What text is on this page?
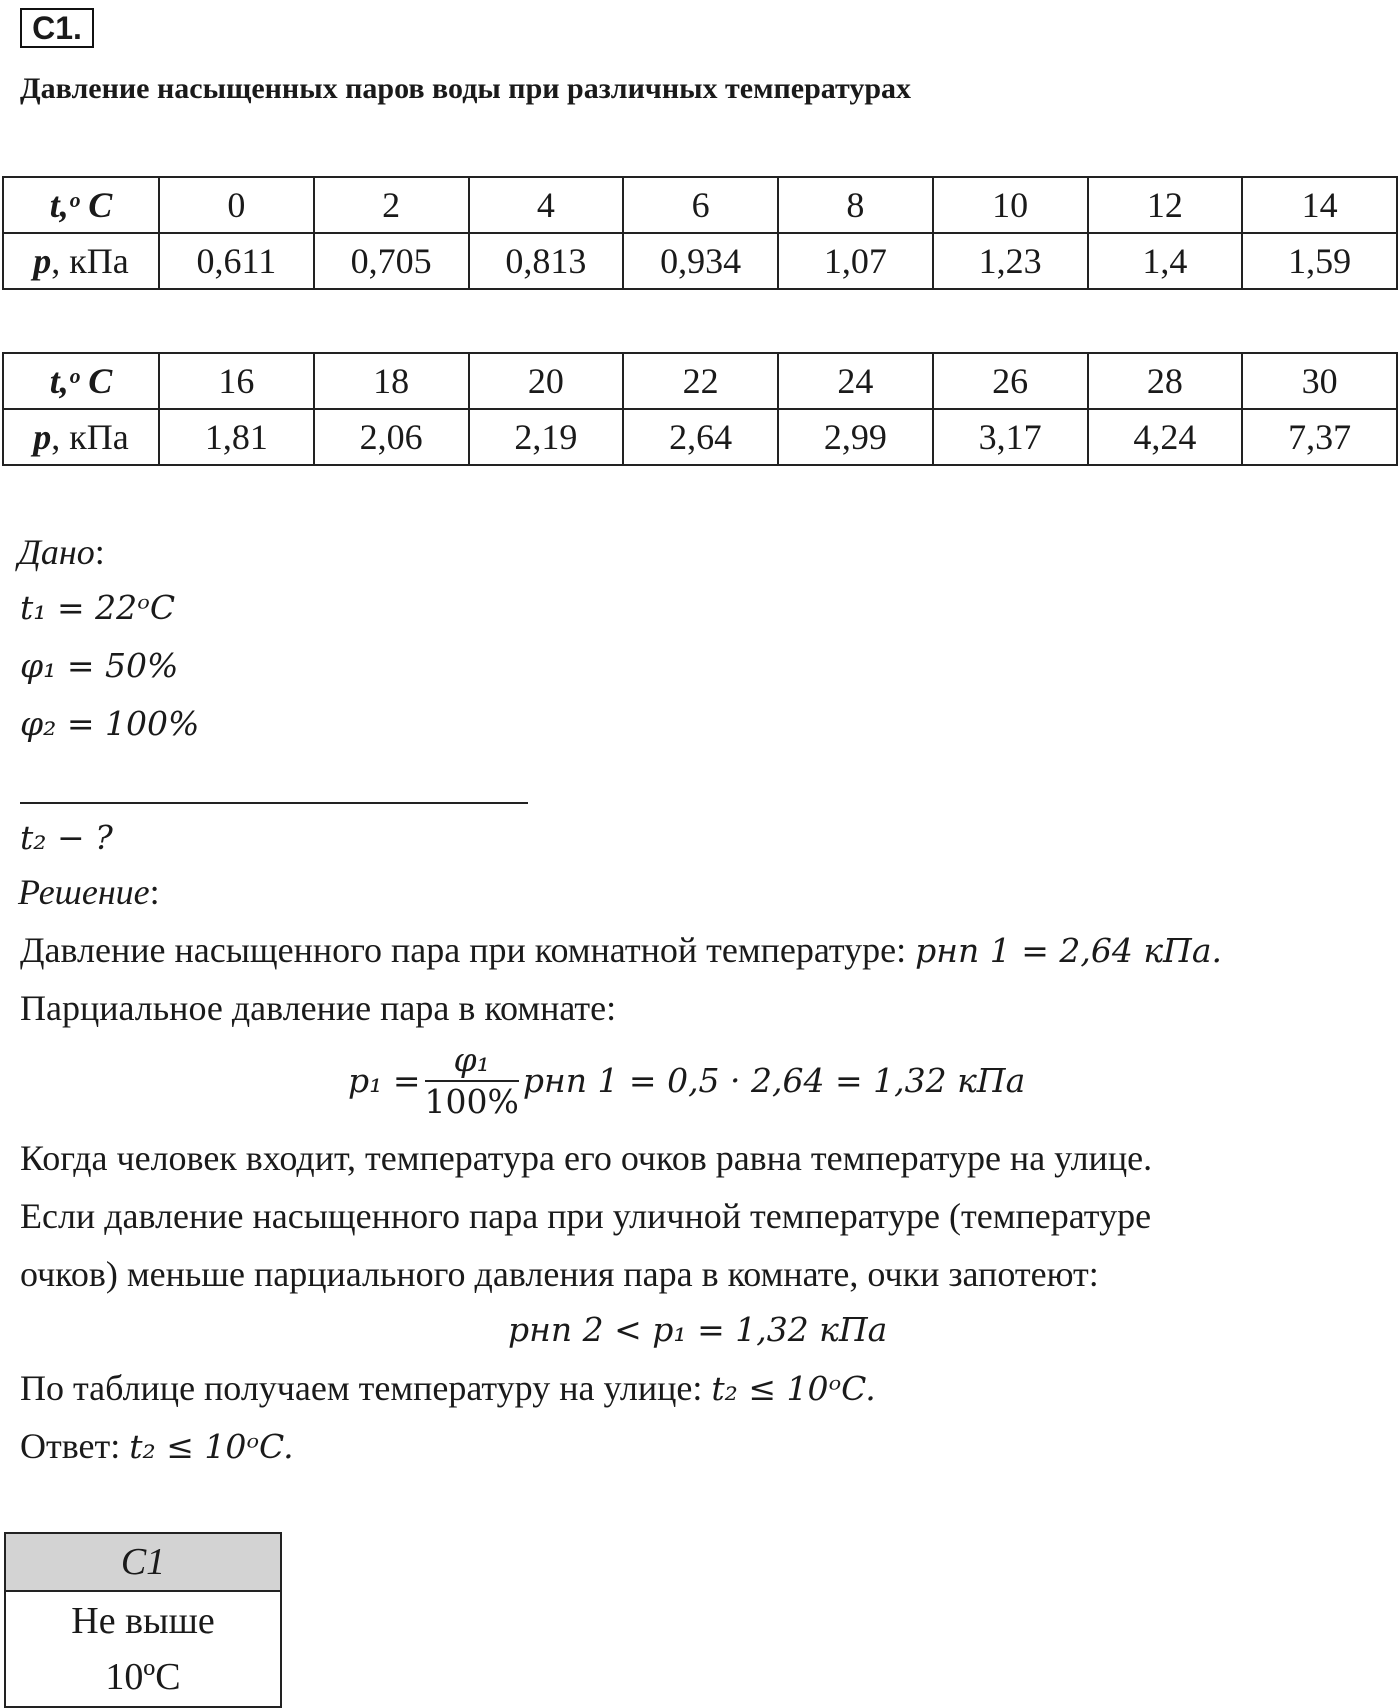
C1.
Давление насыщенных паров воды при различных температурах
t,ᵒ C	0	2	4	6	8	10	12	14
p, кПа	0,611	0,705	0,813	0,934	1,07	1,23	1,4	1,59
t,ᵒ C	16	18	20	22	24	26	28	30
p, кПа	1,81	2,06	2,19	2,64	2,99	3,17	4,24	7,37
Дано:
t₁ = 22ᵒC
φ₁ = 50%
φ₂ = 100%
t₂ − ?
Решение:
Давление насыщенного пара при комнатной температуре: pнп 1 = 2,64 кПа.
Парциальное давление пара в комнате:
$p_1 = \frac{\text{φ₁}}{100\%}$ pнп 1 = 0,5 · 2,64 = 1,32 кПа
Когда человек входит, температура его очков равна температуре на улице.
Если давление насыщенного пара при уличной температуре (температуре
очков) меньше парциального давления пара в комнате, очки запотеют:
pнп 2 < p₁ = 1,32 кПа
По таблице получаем температуру на улице: t₂ ≤ 10ᵒC.
Ответ: t₂ ≤ 10ᵒC.
C1

Не выше
10ºС
